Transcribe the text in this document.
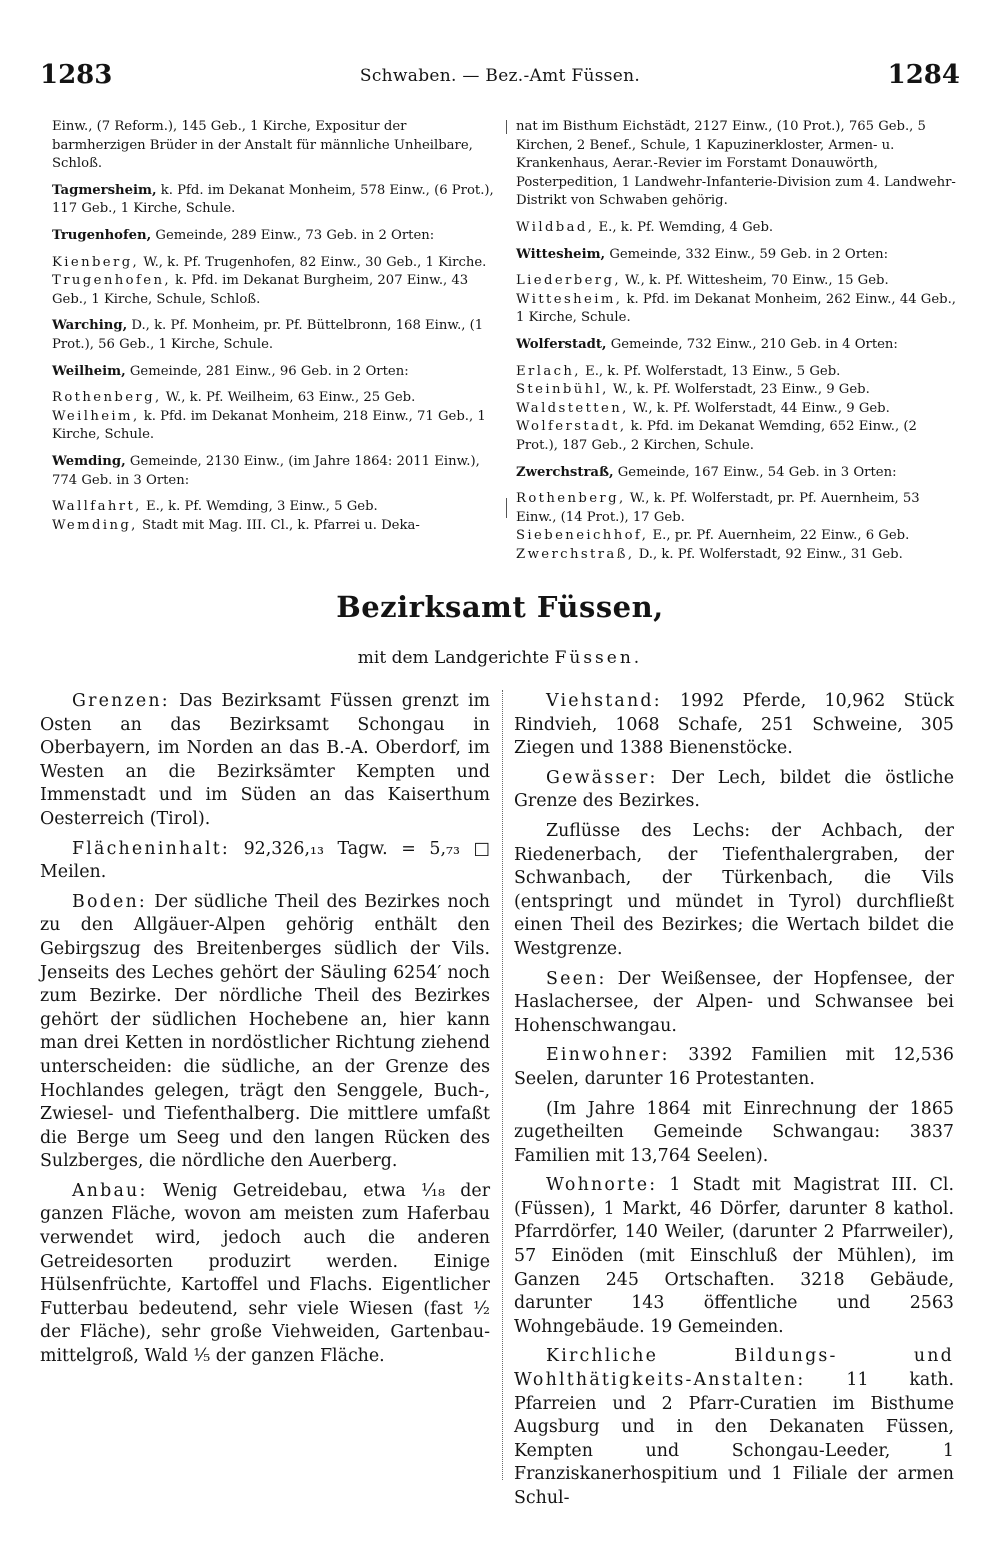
1283	Schwaben. — Bez.-Amt Füssen.	1284
Einw., (7 Reform.), 145 Geb., 1 Kirche, Expositur der barmherzigen Brüder in der Anstalt für männliche Unheilbare, Schloß.
Tagmersheim, k. Pfd. im Dekanat Monheim, 578 Einw., (6 Prot.), 117 Geb., 1 Kirche, Schule.
Trugenhofen, Gemeinde, 289 Einw., 73 Geb. in 2 Orten:
Kienberg, W., k. Pf. Trugenhofen, 82 Einw., 30 Geb., 1 Kirche.
Trugenhofen, k. Pfd. im Dekanat Burgheim, 207 Einw., 43 Geb., 1 Kirche, Schule, Schloß.
Warching, D., k. Pf. Monheim, pr. Pf. Büttelbronn, 168 Einw., (1 Prot.), 56 Geb., 1 Kirche, Schule.
Weilheim, Gemeinde, 281 Einw., 96 Geb. in 2 Orten:
Rothenberg, W., k. Pf. Weilheim, 63 Einw., 25 Geb.
Weilheim, k. Pfd. im Dekanat Monheim, 218 Einw., 71 Geb., 1 Kirche, Schule.
Wemding, Gemeinde, 2130 Einw., (im Jahre 1864: 2011 Einw.), 774 Geb. in 3 Orten:
Wallfahrt, E., k. Pf. Wemding, 3 Einw., 5 Geb.
Wemding, Stadt mit Mag. III. Cl., k. Pfarrei u. Deka-
nat im Bisthum Eichstädt, 2127 Einw., (10 Prot.), 765 Geb., 5 Kirchen, 2 Benef., Schule, 1 Kapuzinerkloster, Armen- u. Krankenhaus, Aerar.-Revier im Forstamt Donauwörth, Posterpedition, 1 Landwehr-Infanterie-Division zum 4. Landwehr-Distrikt von Schwaben gehörig.
Wildbad, E., k. Pf. Wemding, 4 Geb.
Wittesheim, Gemeinde, 332 Einw., 59 Geb. in 2 Orten:
Liederberg, W., k. Pf. Wittesheim, 70 Einw., 15 Geb.
Wittesheim, k. Pfd. im Dekanat Monheim, 262 Einw., 44 Geb., 1 Kirche, Schule.
Wolferstadt, Gemeinde, 732 Einw., 210 Geb. in 4 Orten:
Erlach, E., k. Pf. Wolferstadt, 13 Einw., 5 Geb.
Steinbühl, W., k. Pf. Wolferstadt, 23 Einw., 9 Geb.
Waldstetten, W., k. Pf. Wolferstadt, 44 Einw., 9 Geb.
Wolferstadt, k. Pfd. im Dekanat Wemding, 652 Einw., (2 Prot.), 187 Geb., 2 Kirchen, Schule.
Zwerchstraß, Gemeinde, 167 Einw., 54 Geb. in 3 Orten:
Rothenberg, W., k. Pf. Wolferstadt, pr. Pf. Auernheim, 53 Einw., (14 Prot.), 17 Geb.
Siebeneichhof, E., pr. Pf. Auernheim, 22 Einw., 6 Geb.
Zwerchstraß, D., k. Pf. Wolferstadt, 92 Einw., 31 Geb.
Bezirksamt Füssen,
mit dem Landgerichte Füssen.
Grenzen: Das Bezirksamt Füssen grenzt im Osten an das Bezirksamt Schongau in Oberbayern, im Norden an das B.-A. Oberdorf, im Westen an die Bezirksämter Kempten und Immenstadt und im Süden an das Kaiserthum Oesterreich (Tirol).
Flächeninhalt: 92,326,₁₃ Tagw. = 5,₇₃ □ Meilen.
Boden: Der südliche Theil des Bezirkes noch zu den Allgäuer-Alpen gehörig enthält den Gebirgszug des Breitenberges südlich der Vils. Jenseits des Leches gehört der Säuling 6254′ noch zum Bezirke. Der nördliche Theil des Bezirkes gehört der südlichen Hochebene an, hier kann man drei Ketten in nordöstlicher Richtung ziehend unterscheiden: die südliche, an der Grenze des Hochlandes gelegen, trägt den Senggele, Buch-, Zwiesel- und Tiefenthalberg. Die mittlere umfaßt die Berge um Seeg und den langen Rücken des Sulzberges, die nördliche den Auerberg.
Anbau: Wenig Getreidebau, etwa ¹⁄₁₈ der ganzen Fläche, wovon am meisten zum Haferbau verwendet wird, jedoch auch die anderen Getreidesorten produzirt werden. Einige Hülsenfrüchte, Kartoffel und Flachs. Eigentlicher Futterbau bedeutend, sehr viele Wiesen (fast ¹⁄₂ der Fläche), sehr große Viehweiden, Gartenbau-mittelgroß, Wald ¹⁄₅ der ganzen Fläche.
Viehstand: 1992 Pferde, 10,962 Stück Rindvieh, 1068 Schafe, 251 Schweine, 305 Ziegen und 1388 Bienenstöcke.
Gewässer: Der Lech, bildet die östliche Grenze des Bezirkes.
Zuflüsse des Lechs: der Achbach, der Riedenerbach, der Tiefenthalergraben, der Schwanbach, der Türkenbach, die Vils (entspringt und mündet in Tyrol) durchfließt einen Theil des Bezirkes; die Wertach bildet die Westgrenze.
Seen: Der Weißensee, der Hopfensee, der Haslachersee, der Alpen- und Schwansee bei Hohenschwangau.
Einwohner: 3392 Familien mit 12,536 Seelen, darunter 16 Protestanten.
(Im Jahre 1864 mit Einrechnung der 1865 zugetheilten Gemeinde Schwangau: 3837 Familien mit 13,764 Seelen).
Wohnorte: 1 Stadt mit Magistrat III. Cl. (Füssen), 1 Markt, 46 Dörfer, darunter 8 kathol. Pfarrdörfer, 140 Weiler, (darunter 2 Pfarrweiler), 57 Einöden (mit Einschluß der Mühlen), im Ganzen 245 Ortschaften. 3218 Gebäude, darunter 143 öffentliche und 2563 Wohngebäude. 19 Gemeinden.
Kirchliche Bildungs- und Wohlthätigkeits-Anstalten: 11 kath. Pfarreien und 2 Pfarr-Curatien im Bisthume Augsburg und in den Dekanaten Füssen, Kempten und Schongau-Leeder, 1 Franziskanerhospitium und 1 Filiale der armen Schul-
